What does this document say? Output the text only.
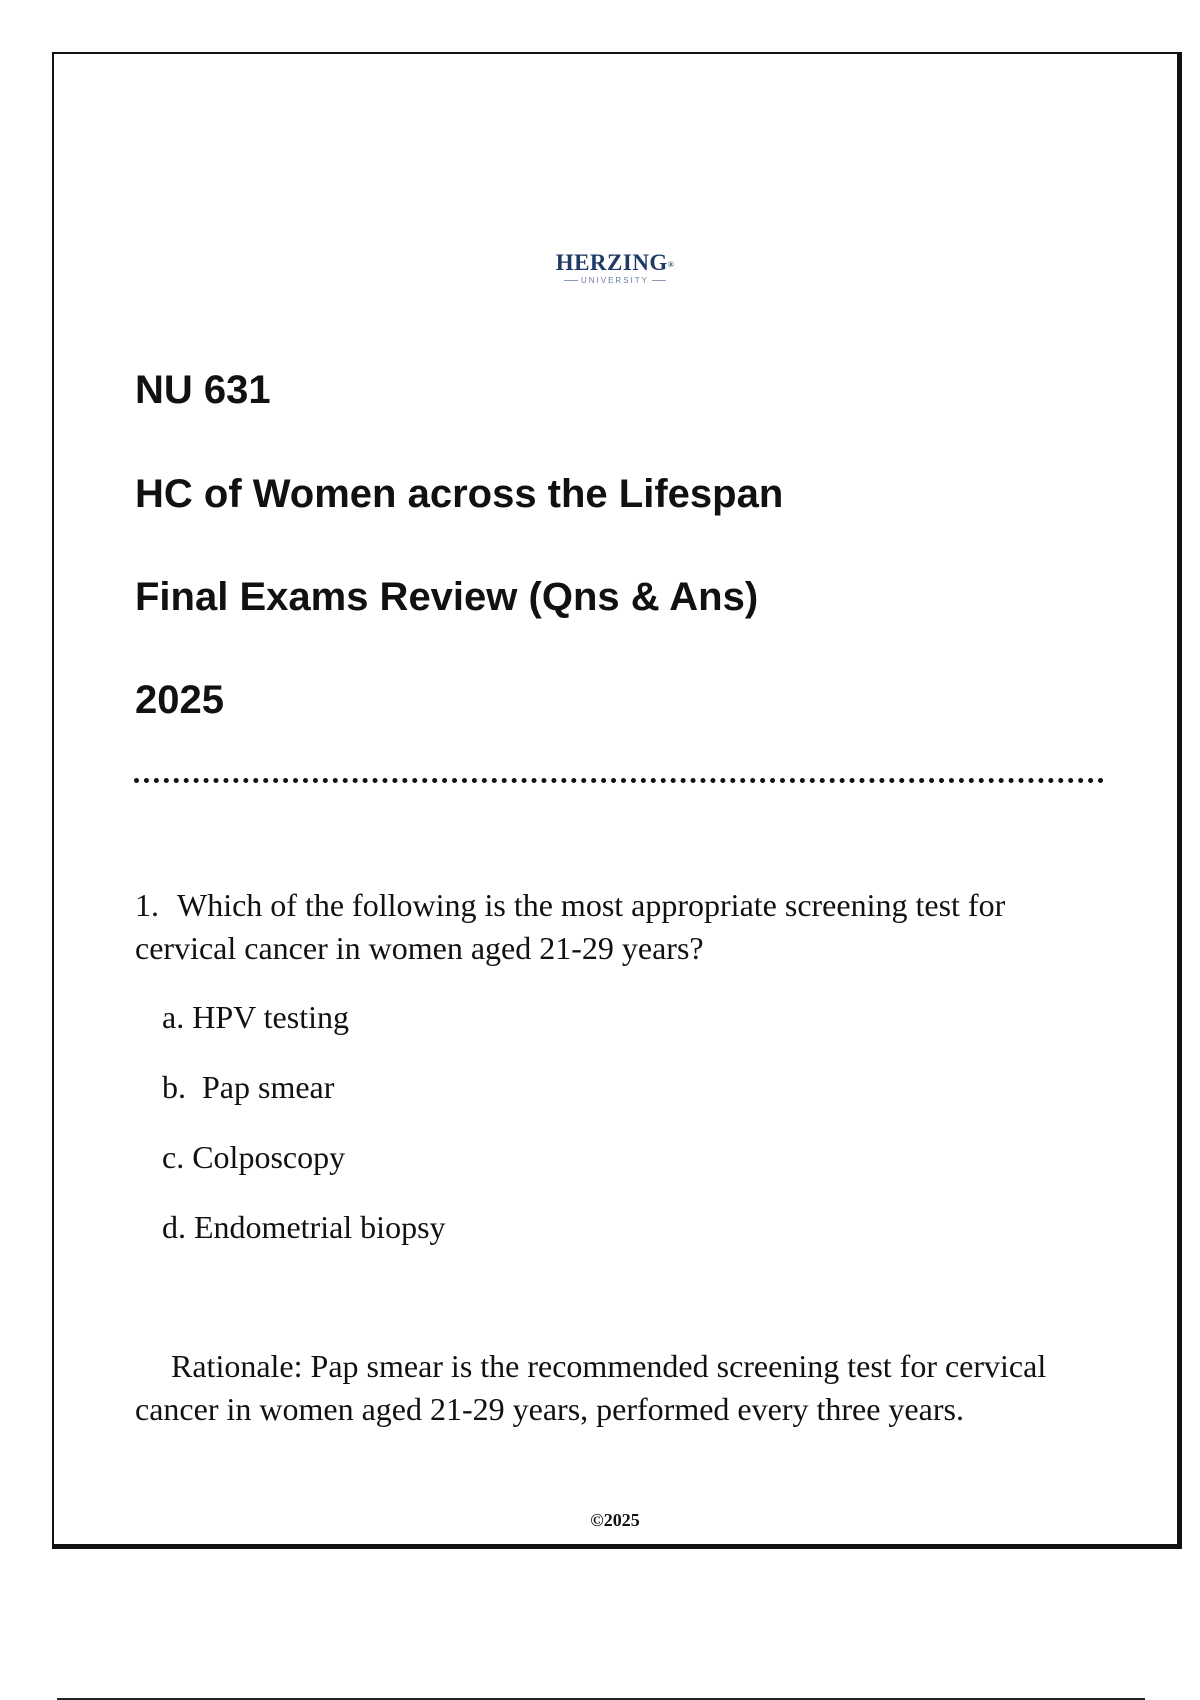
HERZING®
UNIVERSITY
NU 631
HC of Women across the Lifespan
Final Exams Review (Qns & Ans)
2025
1. Which of the following is the most appropriate screening test for cervical cancer in women aged 21-29 years?
a. HPV testing
b. Pap smear
c. Colposcopy
d. Endometrial biopsy
Rationale: Pap smear is the recommended screening test for cervical cancer in women aged 21-29 years, performed every three years.
©2025
